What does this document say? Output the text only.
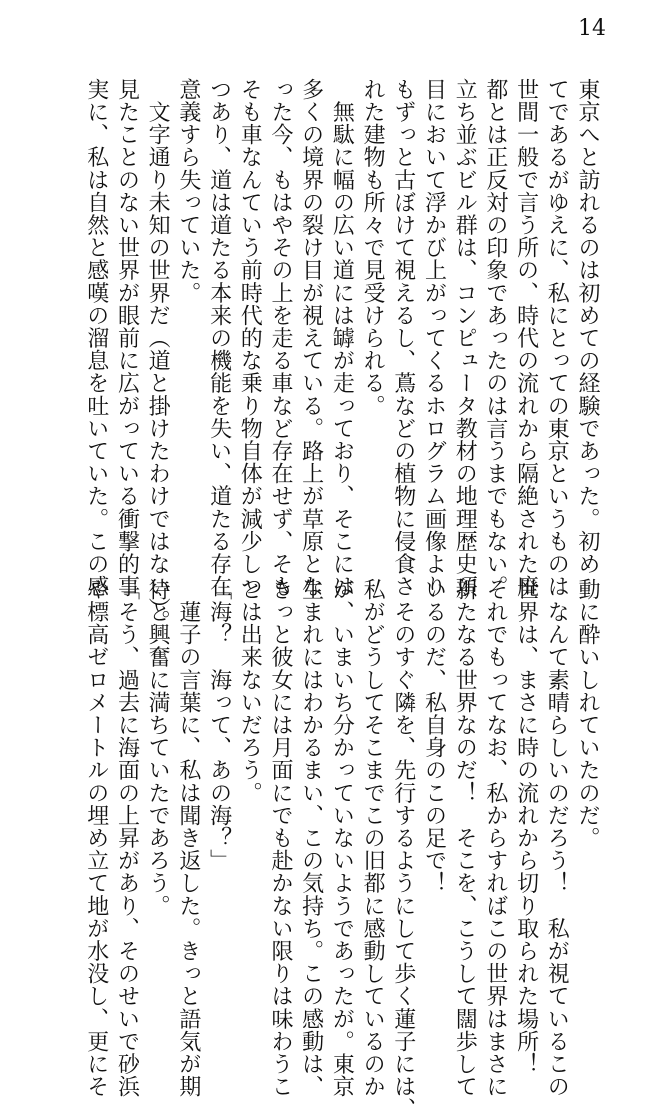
14
東京へと訪れるのは初めての経験であった。初め
てであるがゆえに、私にとっての東京というものは
世間一般で言う所の、時代の流れから隔絶された廃
都とは正反対の印象であったのは言うまでもない。
立ち並ぶビル群は、コンピュータ教材の地理歴史項
目において浮かび上がってくるホログラム画像より
もずっと古ぼけて視えるし、蔦などの植物に侵食さ
れた建物も所々で見受けられる。
　無駄に幅の広い道には罅が走っており、そこには
多くの境界の裂け目が視えている。路上が草原とな
った今、もはやその上を走る車など存在せず、そも
そも車なんていう前時代的な乗り物自体が減少しつ
つあり、道は道たる本来の機能を失い、道たる存在
意義すら失っていた。
　文字通り未知の世界だ（道と掛けたわけではない）。
見たことのない世界が眼前に広がっている衝撃的事
実に、私は自然と感嘆の溜息を吐いていた。この感
動に酔いしれていたのだ。
　なんて素晴らしいのだろう！　私が視ているこの
世界は、まさに時の流れから切り取られた場所！
それでもってなお、私からすればこの世界はまさに
新たなる世界なのだ！　そこを、こうして闊歩して
いるのだ、私自身のこの足で！
　そのすぐ隣を、先行するようにして歩く蓮子には、
私がどうしてそこまでこの旧都に感動しているのか
が、いまいち分かっていないようであったが。東京
生まれにはわかるまい、この気持ち。この感動は、
きっと彼女には月面にでも赴かない限りは味わうこ
とは出来ないだろう。
「海？　海って、あの海？」
　蓮子の言葉に、私は聞き返した。きっと語気が期
待と興奮に満ちていたであろう。
「そう、過去に海面の上昇があり、そのせいで砂浜
や標高ゼロメートルの埋め立て地が水没し、更にそ
